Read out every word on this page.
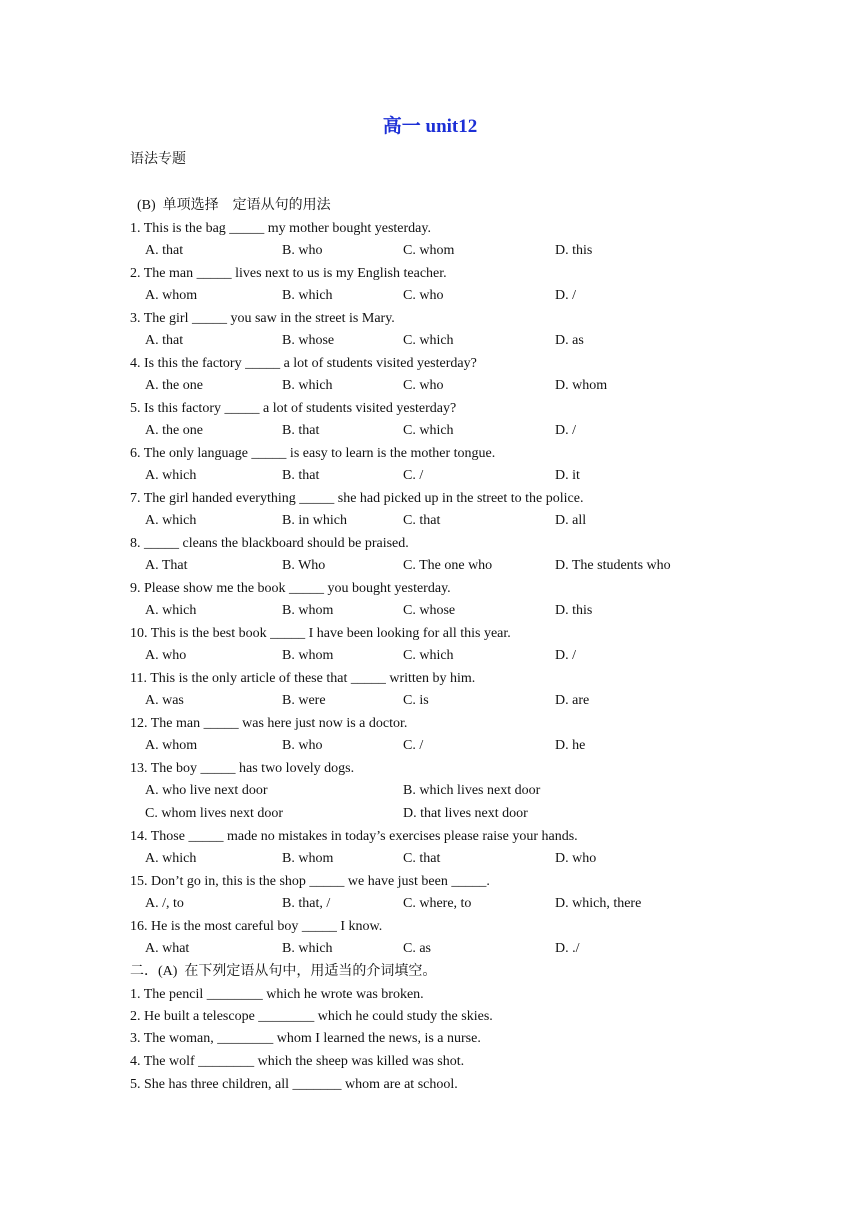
高一 unit12
语法专题
(B)  单项选择    定语从句的用法
1. This is the bag _____ my mother bought yesterday.
A. that	B. who	C. whom	D. this
2. The man _____ lives next to us is my English teacher.
A. whom	B. which	C. who	D. /
3. The girl _____ you saw in the street is Mary.
A. that	B. whose	C. which	D. as
4. Is this the factory _____ a lot of students visited yesterday?
A. the one	B. which	C. who	D. whom
5. Is this factory _____ a lot of students visited yesterday?
A. the one	B. that	C. which	D. /
6. The only language _____ is easy to learn is the mother tongue.
A. which	B. that	C. /	D. it
7. The girl handed everything _____ she had picked up in the street to the police.
A. which	B. in which	C. that	D. all
8. _____ cleans the blackboard should be praised.
A. That	B. Who	C. The one who	D. The students who
9. Please show me the book _____ you bought yesterday.
A. which	B. whom	C. whose	D. this
10. This is the best book _____ I have been looking for all this year.
A. who	B. whom	C. which	D. /
11. This is the only article of these that _____ written by him.
A. was	B. were	C. is	D. are
12. The man _____ was here just now is a doctor.
A. whom	B. who	C. /	D. he
13. The boy _____ has two lovely dogs.
A. who live next door	B. which lives next door
C. whom lives next door	D. that lives next door
14. Those _____ made no mistakes in today’s exercises please raise your hands.
A. which	B. whom	C. that	D. who
15. Don’t go in, this is the shop _____ we have just been _____.
A. /, to	B. that, /	C. where, to	D. which, there
16. He is the most careful boy _____ I know.
A. what	B. which	C. as	D. ./
二．(A)  在下列定语从句中，用适当的介词填空。
1. The pencil ________ which he wrote was broken.
2. He built a telescope ________ which he could study the skies.
3. The woman, ________ whom I learned the news, is a nurse.
4. The wolf ________ which the sheep was killed was shot.
5. She has three children, all _______ whom are at school.
